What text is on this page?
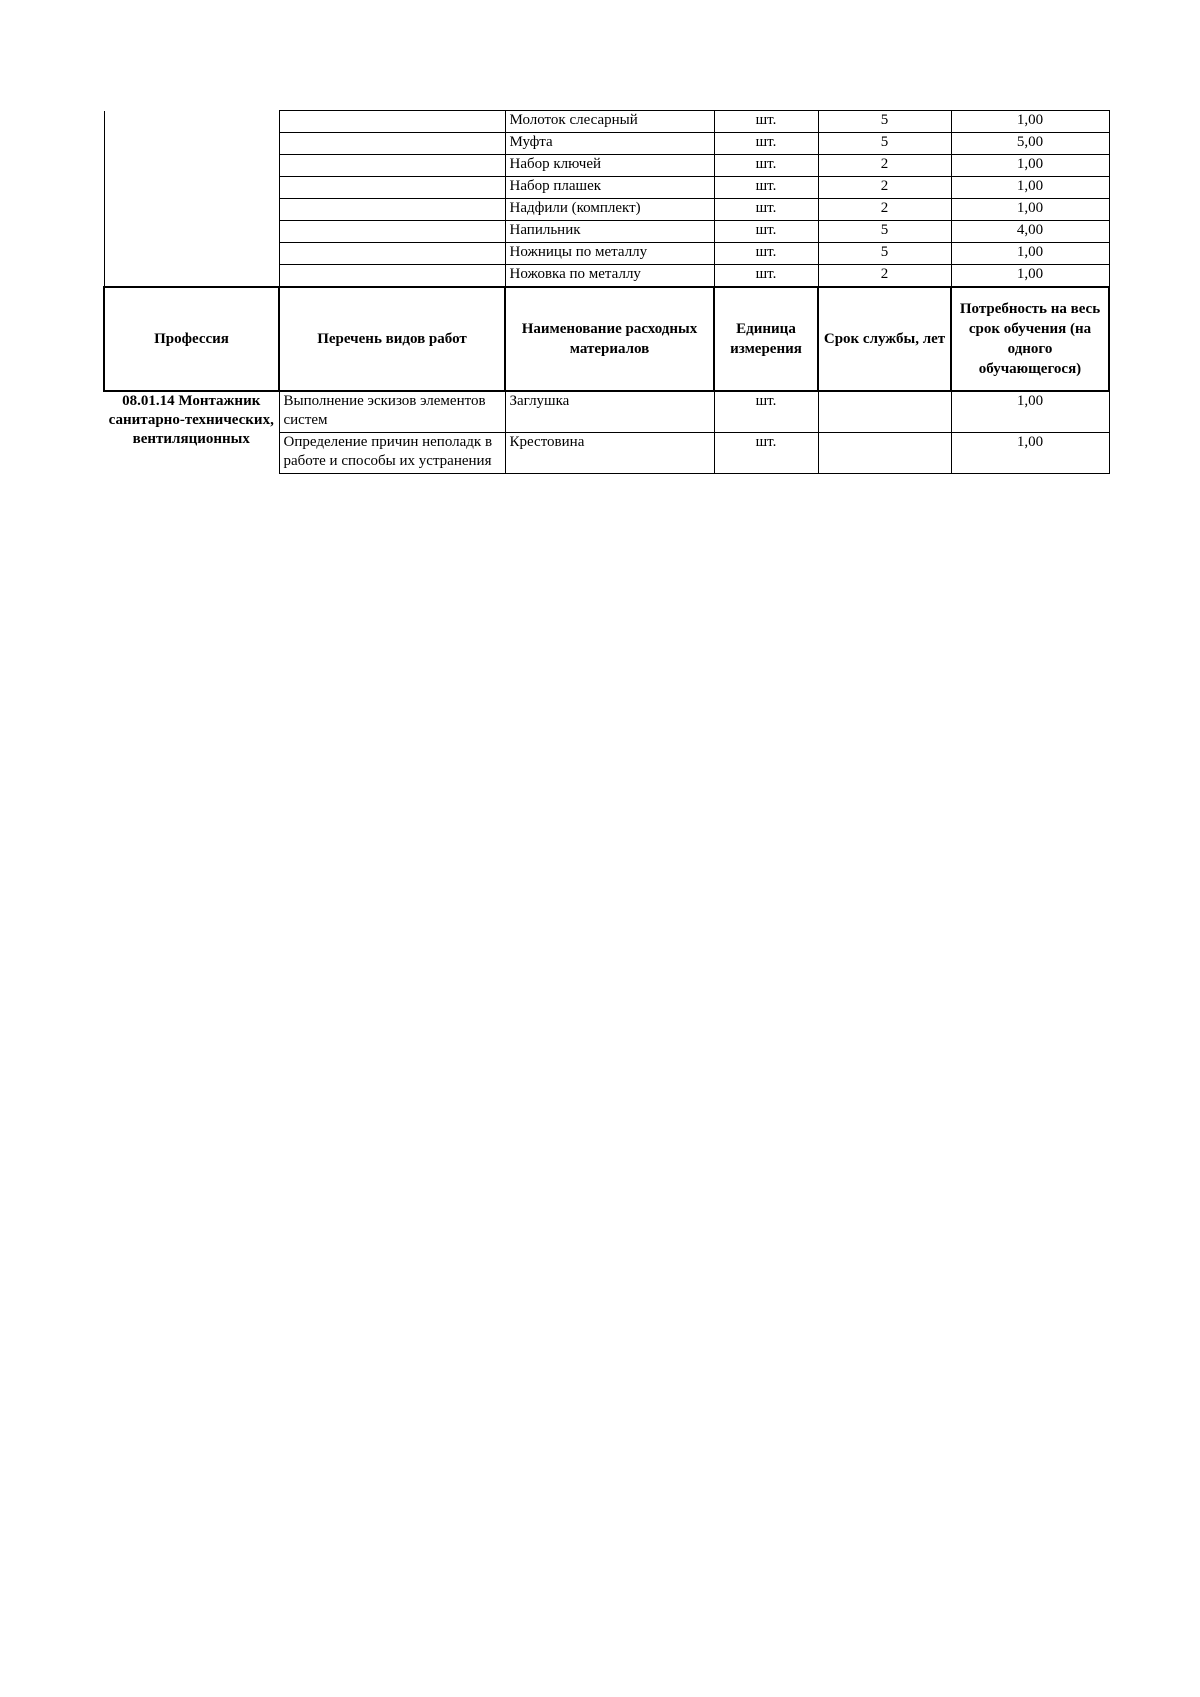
		Молоток слесарный	шт.	5	1,00
		Муфта	шт.	5	5,00
		Набор ключей	шт.	2	1,00
		Набор плашек	шт.	2	1,00
		Надфили (комплект)	шт.	2	1,00
		Напильник	шт.	5	4,00
		Ножницы по металлу	шт.	5	1,00
		Ножовка по металлу	шт.	2	1,00
Профессия	Перечень видов работ	Наименование расходных материалов	Единица измерения	Срок службы, лет	Потребность на весь срок обучения (на одного обучающегося)
08.01.14 Монтажник санитарно-технических, вентиляционных	Выполнение эскизов элементов систем	Заглушка	шт.		1,00
	Определение причин неполадк в работе и способы их устранения	Крестовина	шт.		1,00
